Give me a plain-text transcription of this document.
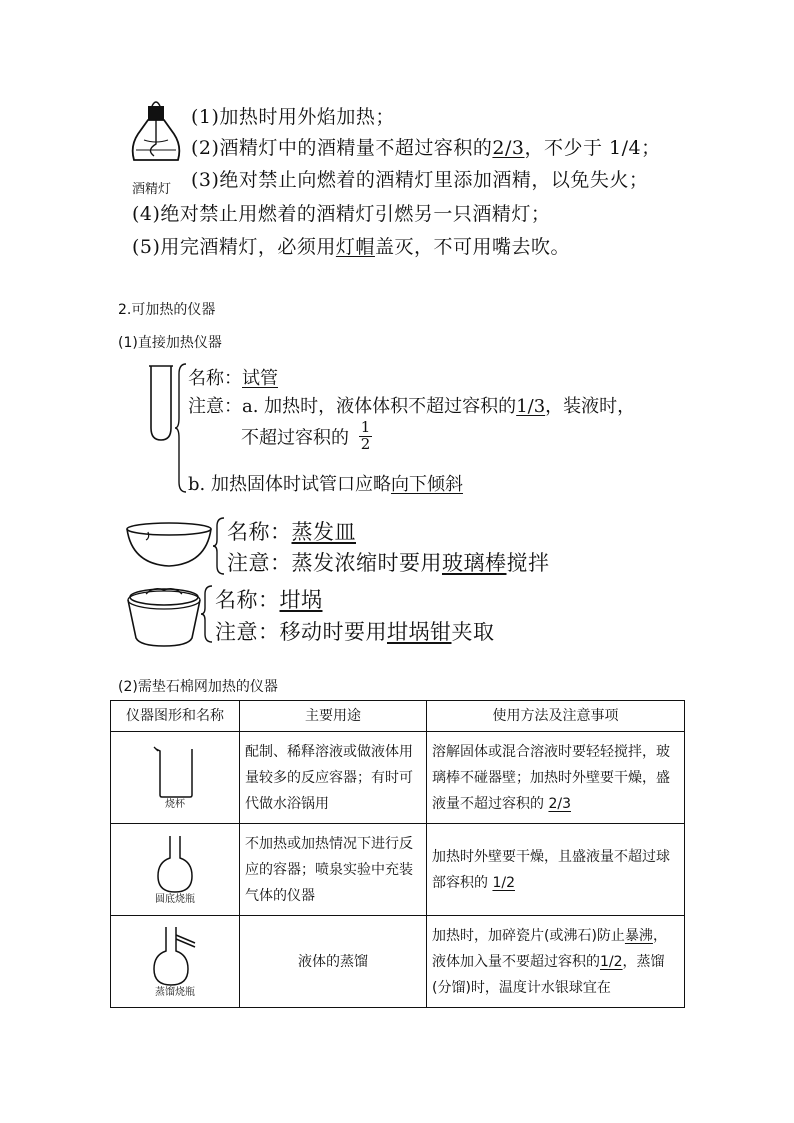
酒精灯
(1)加热时用外焰加热；
(2)酒精灯中的酒精量不超过容积的2/3，不少于 1/4；
(3)绝对禁止向燃着的酒精灯里添加酒精，以免失火；
(4)绝对禁止用燃着的酒精灯引燃另一只酒精灯；
(5)用完酒精灯，必须用灯帽盖灭，不可用嘴去吹。
2.可加热的仪器
(1)直接加热仪器
名称：试管
注意：a. 加热时，液体体积不超过容积的1/3，装液时，
不超过容积的 $\frac{1}{2}$
b. 加热固体时试管口应略向下倾斜
名称：蒸发皿
注意：蒸发浓缩时要用玻璃棒搅拌
名称：坩埚
注意：移动时要用坩埚钳夹取
(2)需垫石棉网加热的仪器
仪器图形和名称	主要用途	使用方法及注意事项

烧杯	配制、稀释溶液或做液体用量较多的反应容器；有时可代做水浴锅用	溶解固体或混合溶液时要轻轻搅拌，玻璃棒不碰器壁；加热时外壁要干燥，盛液量不超过容积的 2/3

圆底烧瓶	不加热或加热情况下进行反应的容器；喷泉实验中充装气体的仪器	加热时外壁要干燥，且盛液量不超过球部容积的 1/2

蒸馏烧瓶	液体的蒸馏	加热时，加碎瓷片(或沸石)防止暴沸，液体加入量不要超过容积的1/2，蒸馏(分馏)时，温度计水银球宜在
